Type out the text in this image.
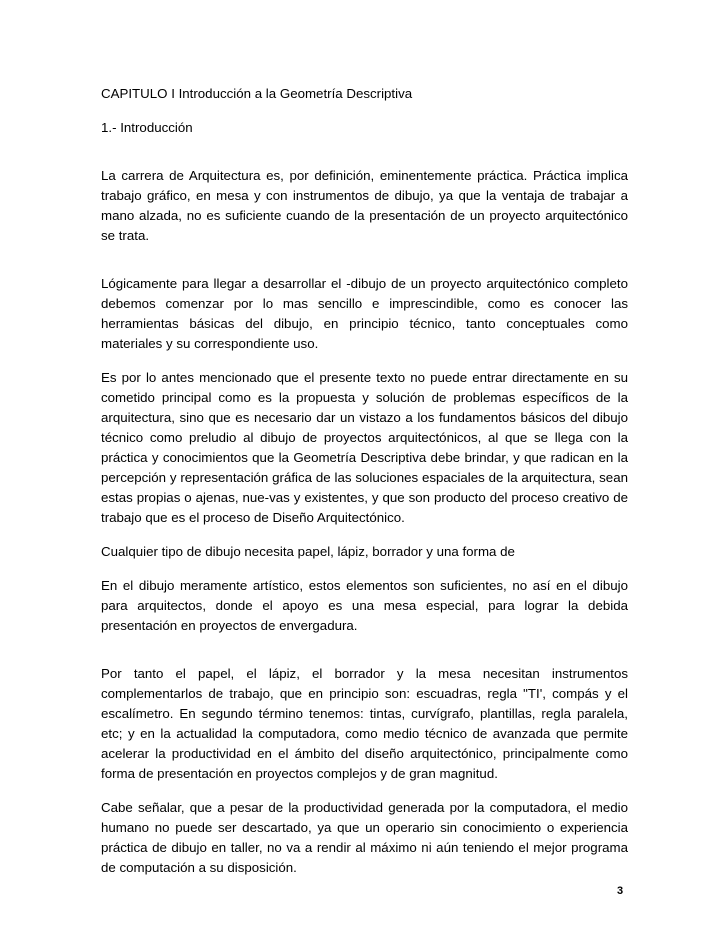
CAPITULO I Introducción a la Geometría Descriptiva
1.- Introducción

La carrera de Arquitectura es, por definición, eminentemente práctica. Práctica implica trabajo gráfico, en mesa y con instrumentos de dibujo, ya que la ventaja de trabajar a mano alzada, no es suficiente cuando de la presentación de un proyecto arquitectónico se trata.

Lógicamente para llegar a desarrollar el -dibujo de un proyecto arquitectónico completo debemos comenzar por lo mas sencillo e imprescindible, como es conocer las herramientas básicas del dibujo, en principio técnico, tanto conceptuales como materiales y su correspondiente uso.

Es por lo antes mencionado que el presente texto no puede entrar directamente en su cometido principal como es la propuesta y solución de problemas específicos de la arquitectura, sino que es necesario dar un vistazo a los fundamentos básicos del dibujo técnico como preludio al dibujo de proyectos arquitectónicos, al que se llega con la práctica y conocimientos que la Geometría Descriptiva debe brindar, y que radican en la percepción y representación gráfica de las soluciones espaciales de la arquitectura, sean estas propias o ajenas, nue-vas y existentes, y que son producto del proceso creativo de trabajo que es el proceso de Diseño Arquitectónico.

Cualquier tipo de dibujo necesita papel, lápiz, borrador y una forma de

En el dibujo meramente artístico, estos elementos son suficientes, no así en el dibujo para arquitectos, donde el apoyo es una mesa especial, para lograr la debida presentación en proyectos de envergadura.

Por tanto el papel, el lápiz, el borrador y la mesa necesitan instrumentos complementarlos de trabajo, que en principio son: escuadras, regla "TI', compás y el escalímetro. En segundo término tenemos: tintas, curvígrafo, plantillas, regla paralela, etc; y en la actualidad la computadora, como medio técnico de avanzada que permite acelerar la productividad en el ámbito del diseño arquitectónico, principalmente como forma de presentación en proyectos complejos y de gran magnitud.

Cabe señalar, que a pesar de la productividad generada por la computadora, el medio humano no puede ser descartado, ya que un operario sin conocimiento o experiencia práctica de dibujo en taller, no va a rendir al máximo ni aún teniendo el mejor programa de computación a su disposición.

3
